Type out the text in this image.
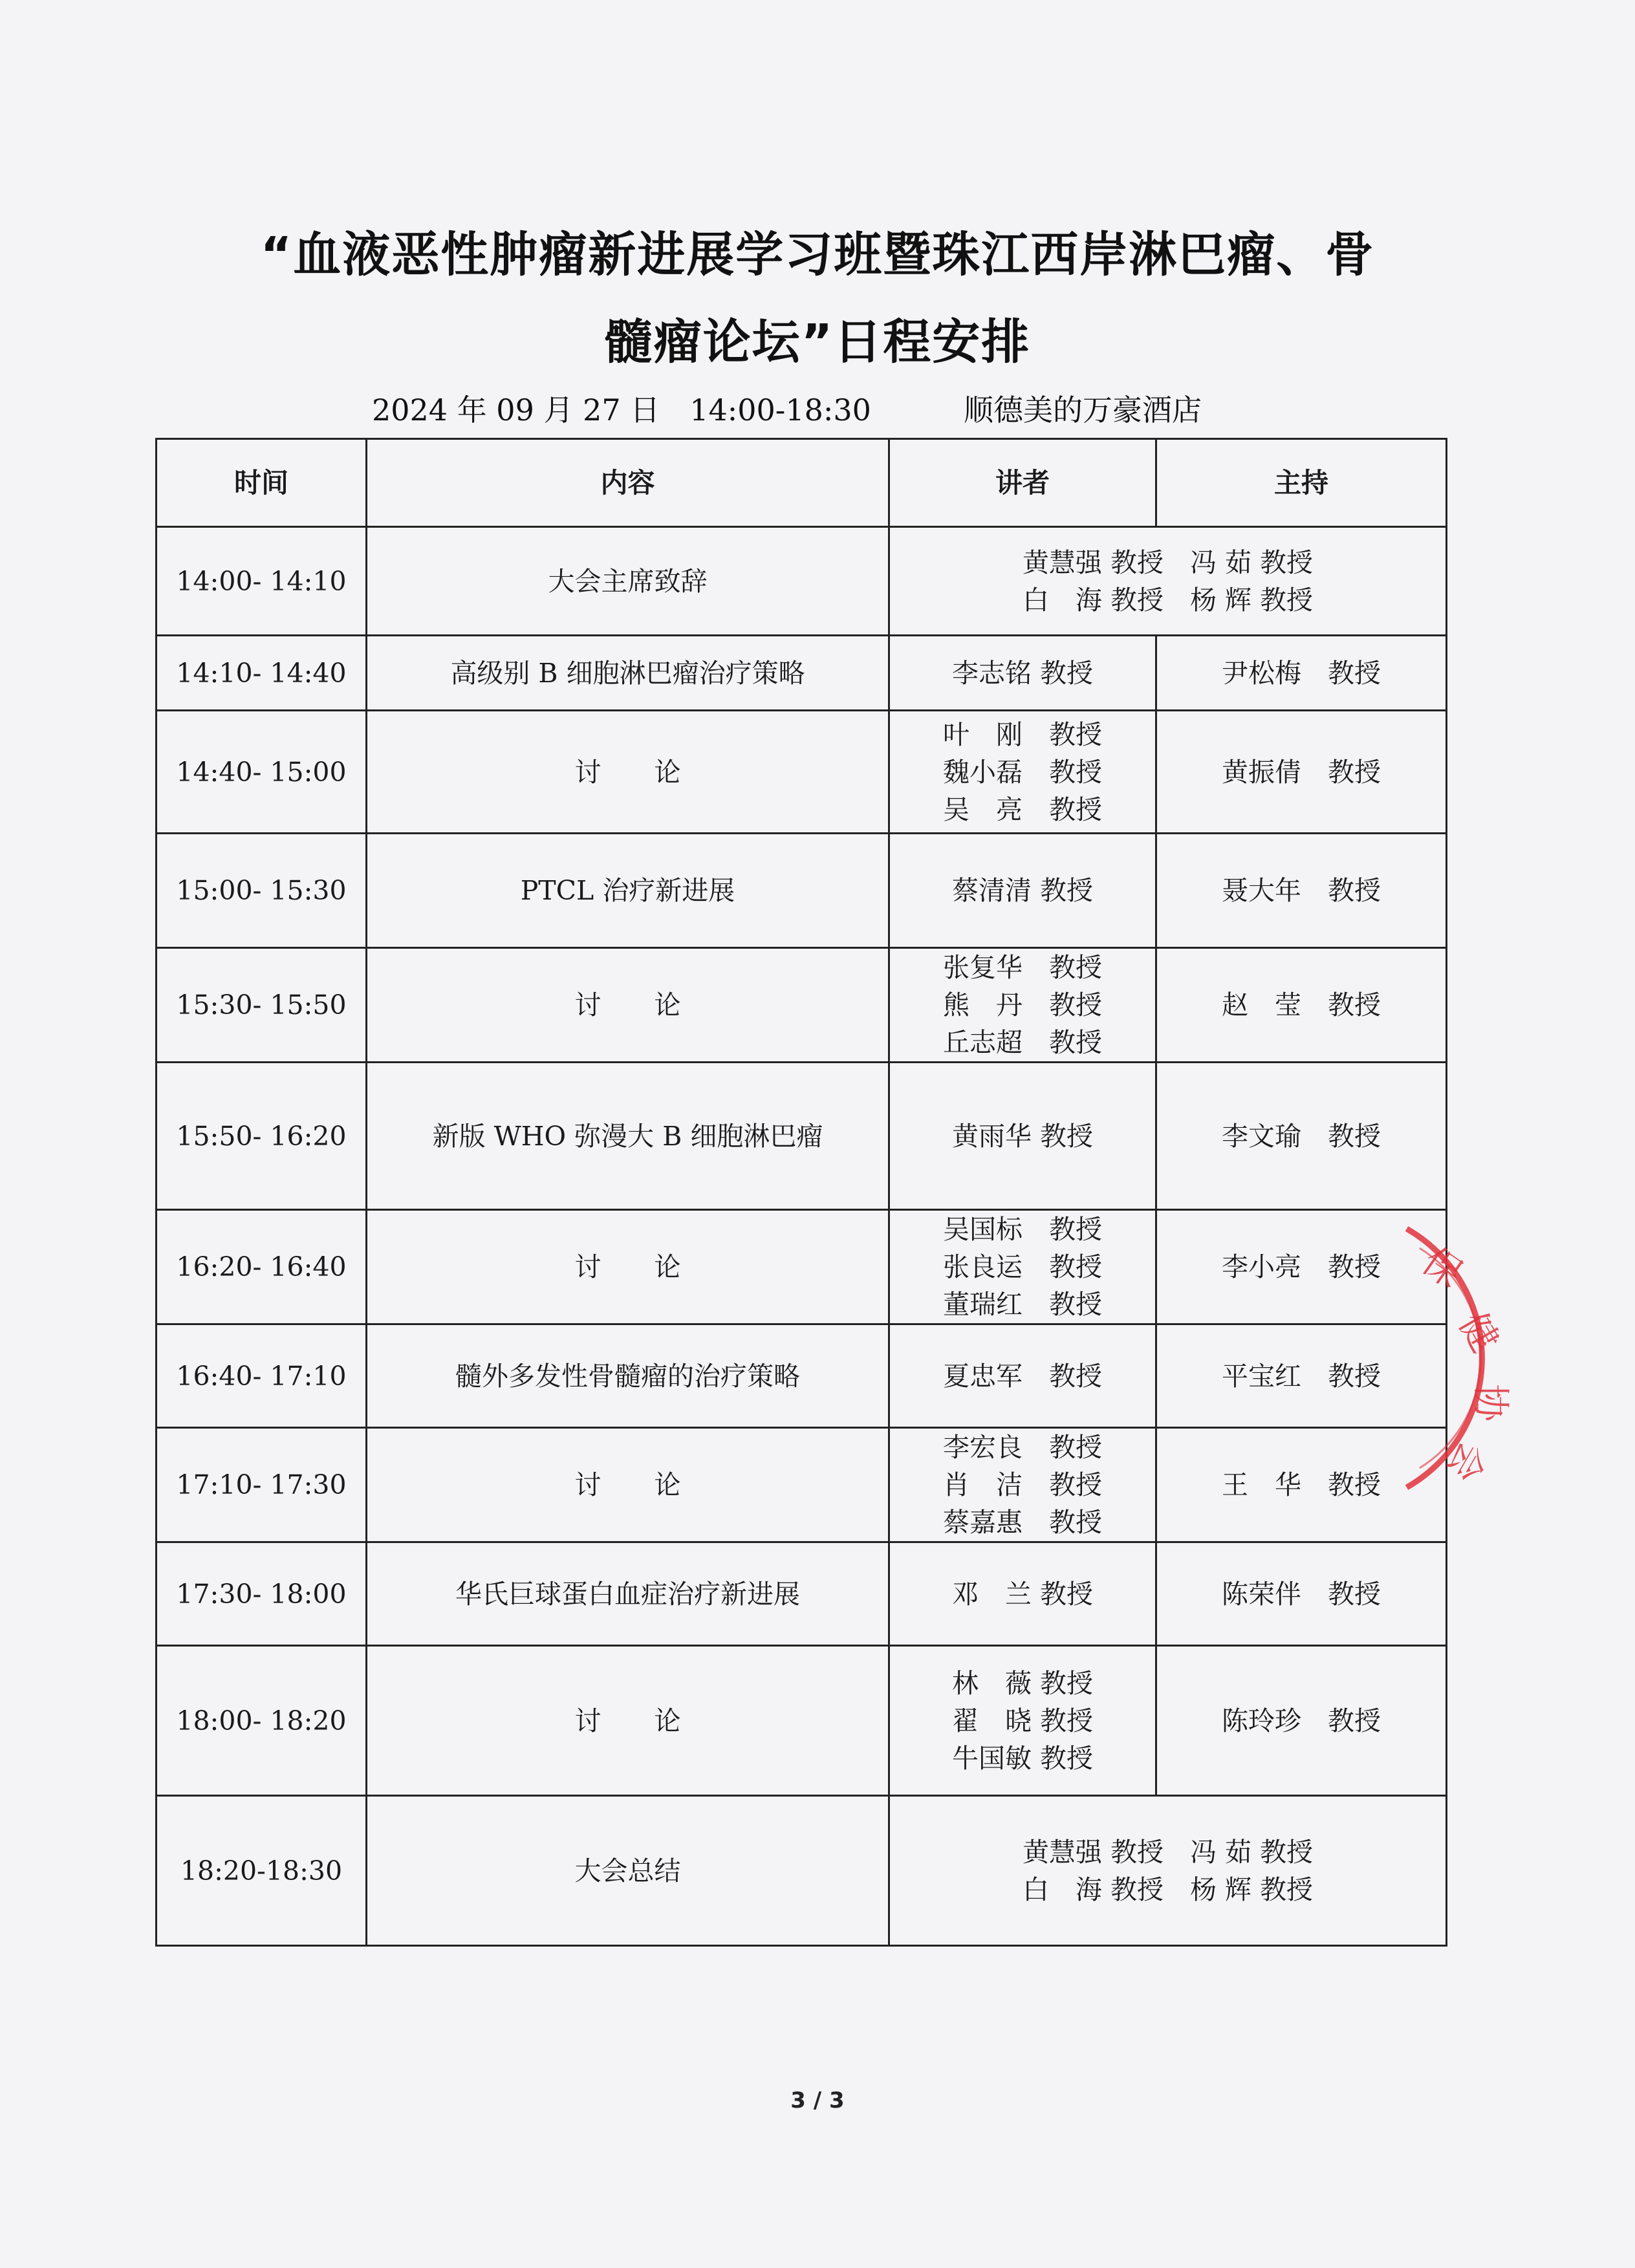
“血液恶性肿瘤新进展学习班暨珠江西岸淋巴瘤、骨
髓瘤论坛”日程安排
2024 年 09 月 27 日　14:00-18:30	顺德美的万豪酒店
时间	内容	讲者	主持
14:00- 14:10	大会主席致辞	黄慧强 教授　冯 茹 教授
白　海 教授　杨 辉 教授	

14:10- 14:40	高级别 B 细胞淋巴瘤治疗策略	李志铭 教授	尹松梅　教授
14:40- 15:00	讨　　论	叶　刚　教授
魏小磊　教授
吴　亮　教授	黄振倩　教授
15:00- 15:30	PTCL 治疗新进展	蔡清清 教授	聂大年　教授
15:30- 15:50	讨　　论	张复华　教授
熊　丹　教授
丘志超　教授	赵　莹　教授
15:50- 16:20	新版 WHO 弥漫大 B 细胞淋巴瘤	黄雨华 教授	李文瑜　教授
16:20- 16:40	讨　　论	吴国标　教授
张良运　教授
董瑞红　教授	李小亮　教授
16:40- 17:10	髓外多发性骨髓瘤的治疗策略	夏忠军　教授	平宝红　教授
17:10- 17:30	讨　　论	李宏良　教授
肖　洁　教授
蔡嘉惠　教授	王　华　教授
17:30- 18:00	华氏巨球蛋白血症治疗新进展	邓　兰 教授	陈荣伴　教授
18:00- 18:20	讨　　论	林　薇 教授
翟　晓 教授
牛国敏 教授	陈玲珍　教授
18:20-18:30	大会总结	黄慧强 教授　冯 茹 教授
白　海 教授　杨 辉 教授	
保
健
协
会
3 / 3
